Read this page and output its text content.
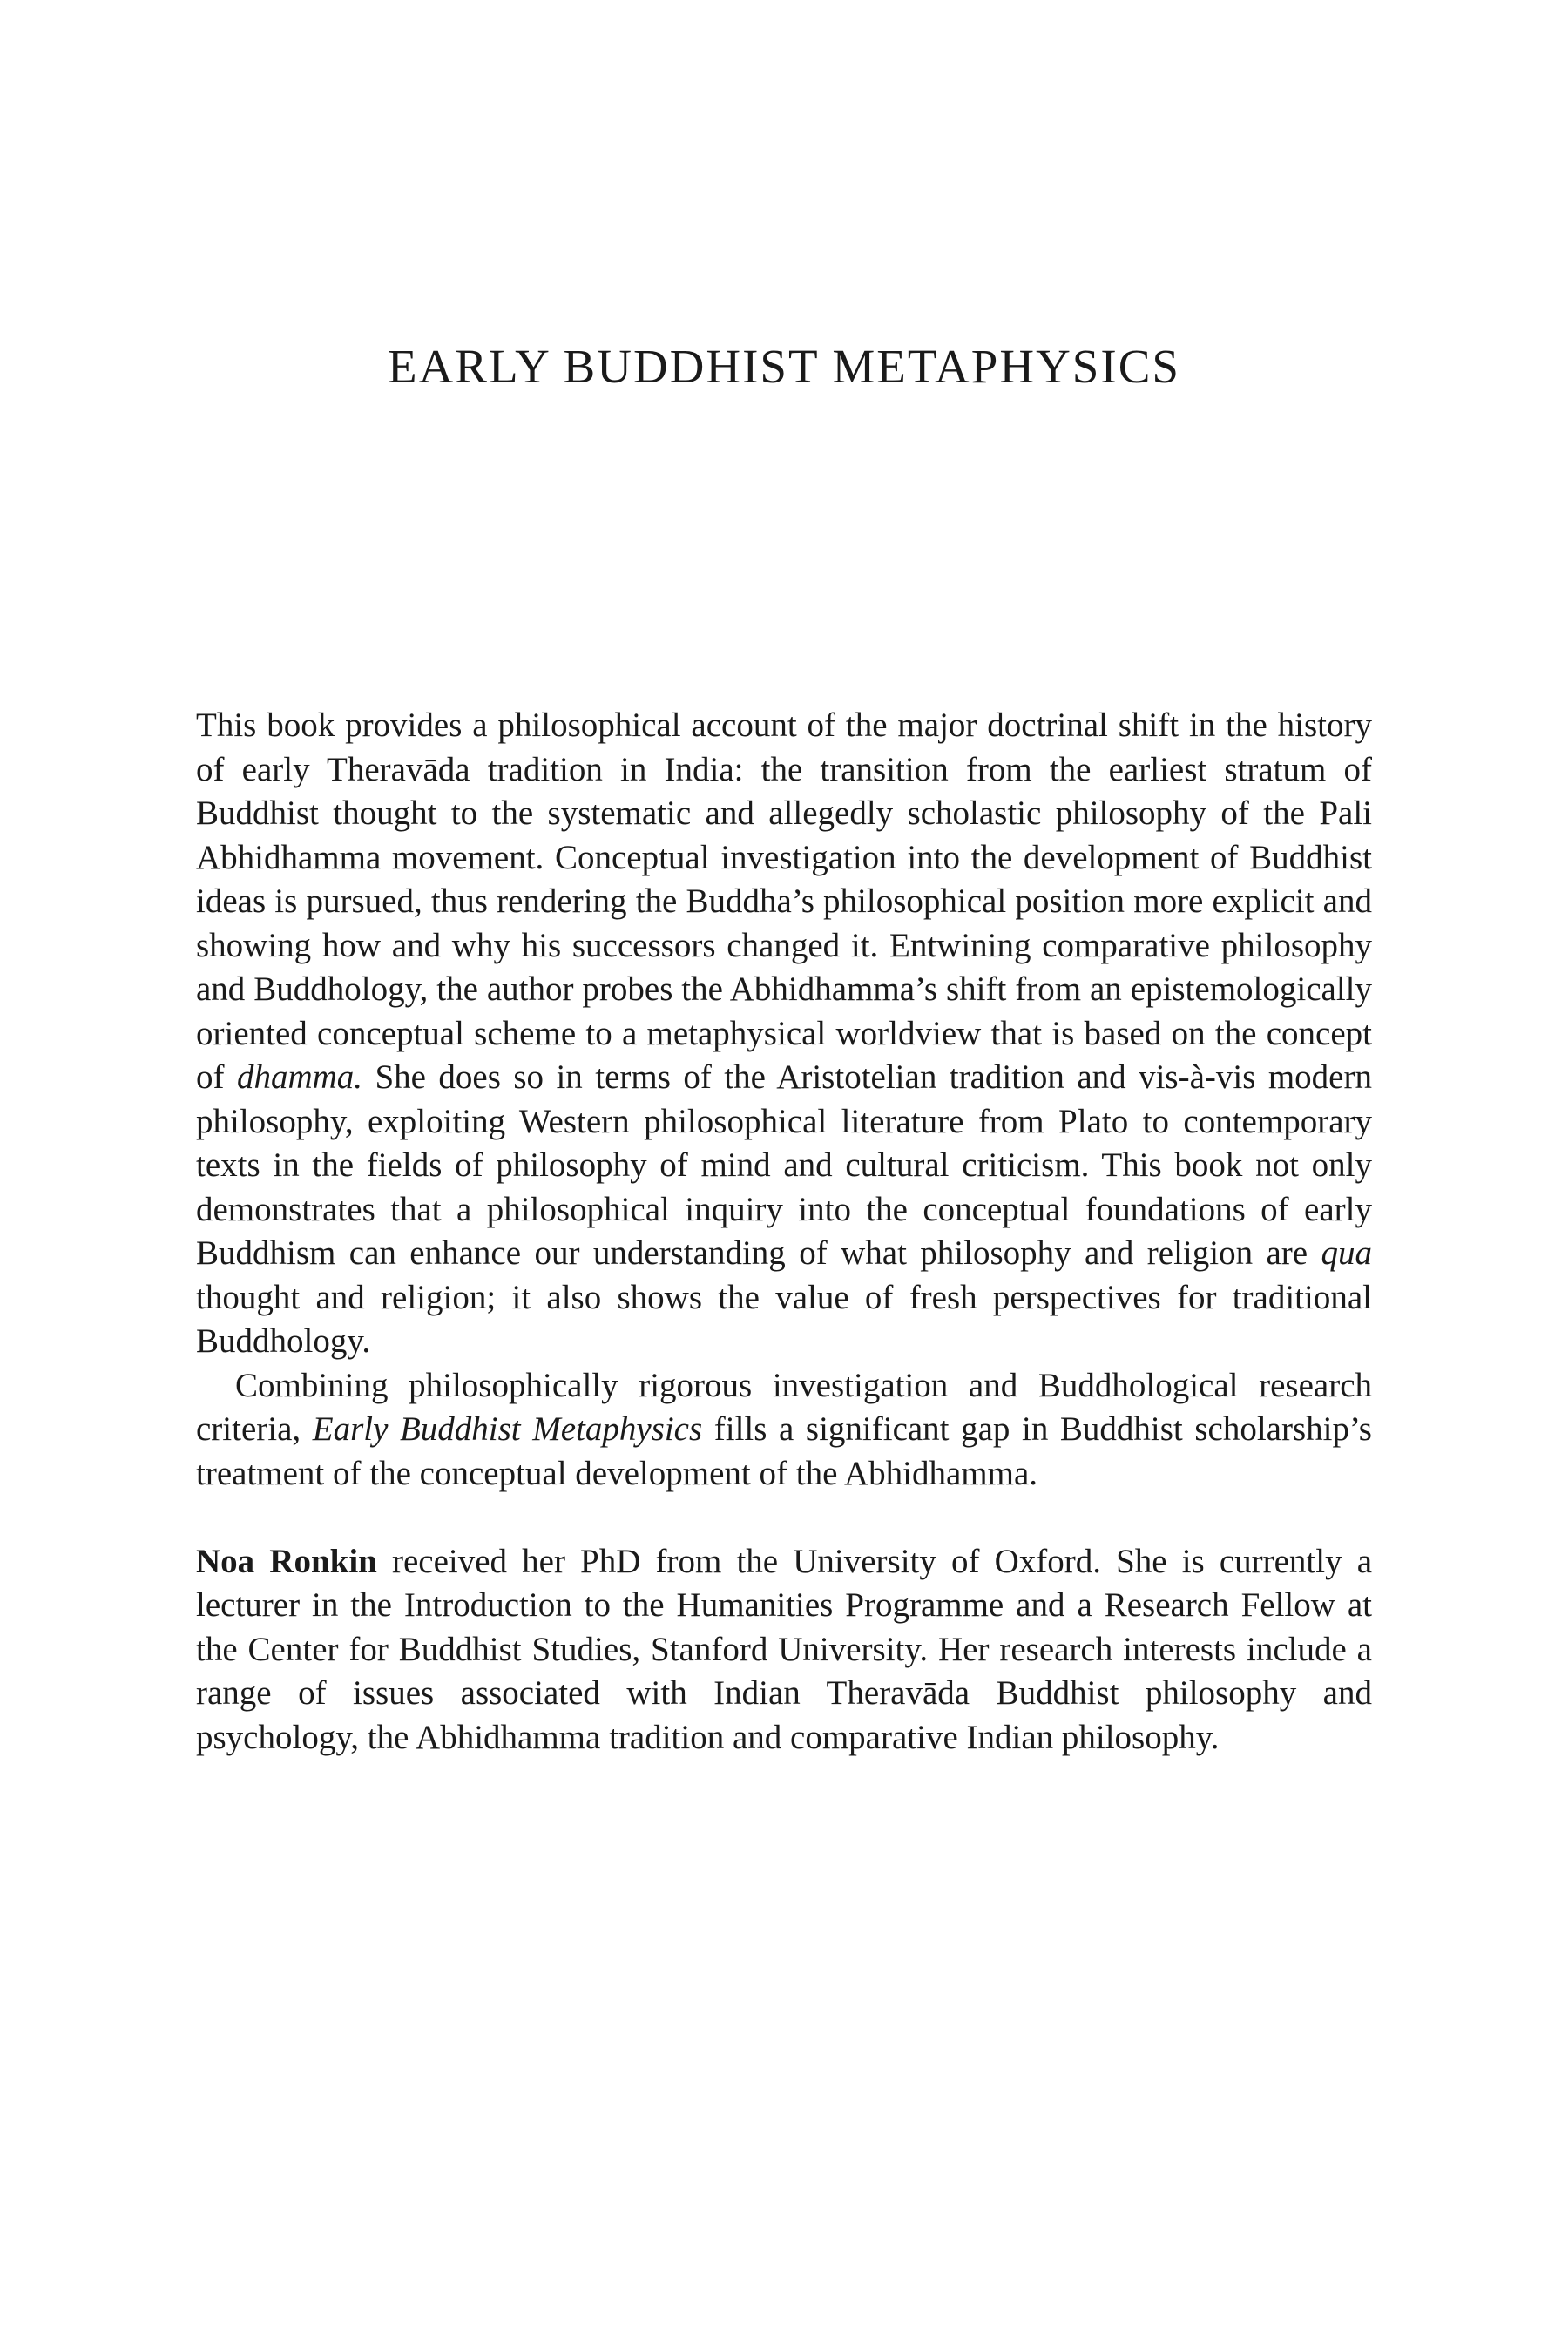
EARLY BUDDHIST METAPHYSICS

This book provides a philosophical account of the major doctrinal shift in the history of early Theravāda tradition in India: the transition from the earliest stratum of Buddhist thought to the systematic and allegedly scholastic philosophy of the Pali Abhidhamma movement. Conceptual investigation into the development of Buddhist ideas is pursued, thus rendering the Buddha’s philosophical position more explicit and showing how and why his successors changed it. Entwining comparative philosophy and Buddhology, the author probes the Abhidhamma’s shift from an epistemologically oriented conceptual scheme to a metaphysical worldview that is based on the concept of dhamma. She does so in terms of the Aristotelian tradition and vis-à-vis modern philosophy, exploiting Western philosophical literature from Plato to contemporary texts in the fields of philosophy of mind and cultural criticism. This book not only demonstrates that a philosophical inquiry into the conceptual foundations of early Buddhism can enhance our understanding of what philosophy and religion are qua thought and religion; it also shows the value of fresh perspectives for traditional Buddhology.

Combining philosophically rigorous investigation and Buddhological research criteria, Early Buddhist Metaphysics fills a significant gap in Buddhist scholarship’s treatment of the conceptual development of the Abhidhamma.

Noa Ronkin received her PhD from the University of Oxford. She is currently a lecturer in the Introduction to the Humanities Programme and a Research Fellow at the Center for Buddhist Studies, Stanford University. Her research interests include a range of issues associated with Indian Theravāda Buddhist philosophy and psychology, the Abhidhamma tradition and comparative Indian philosophy.
